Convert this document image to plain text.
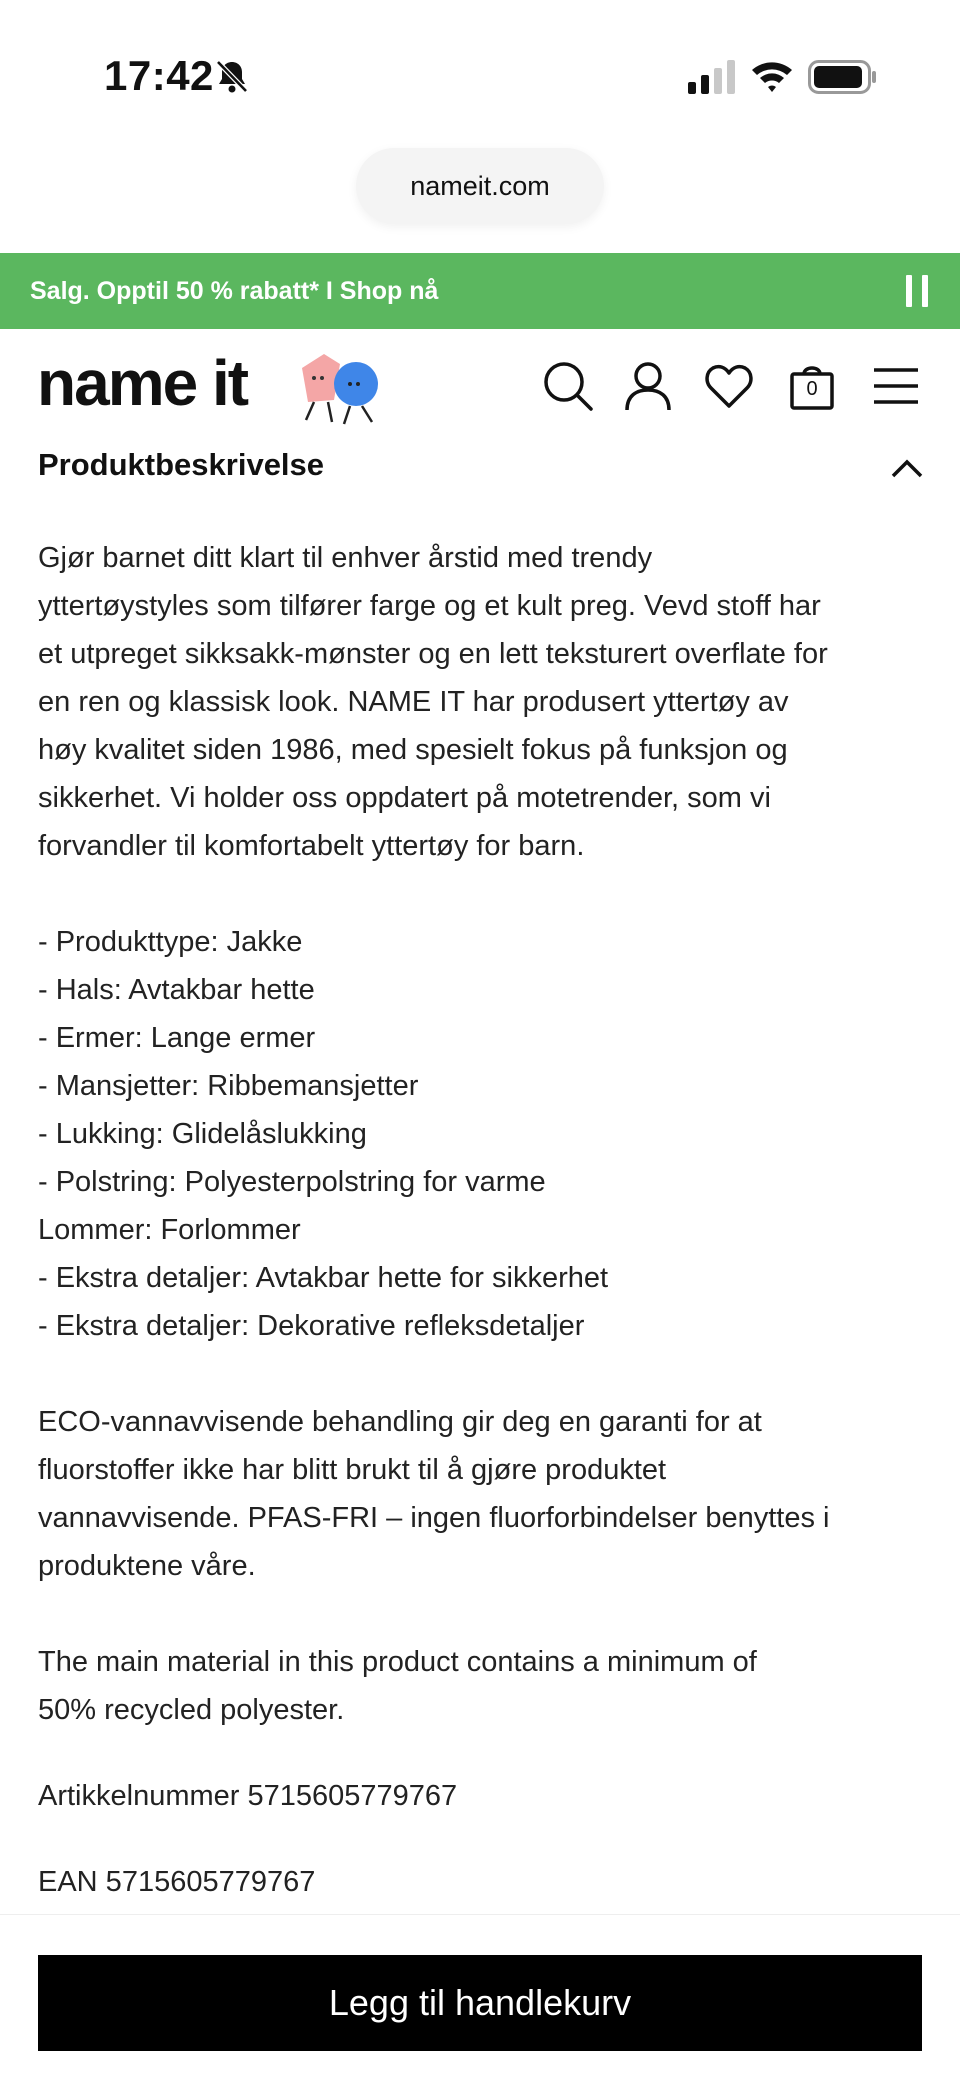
17:42
nameit.com
Salg. Opptil 50 % rabatt* I Shop nå
name it	0
Produktbeskrivelse

Gjør barnet ditt klart til enhver årstid med trendy

yttertøystyles som tilfører farge og et kult preg. Vevd stoff har

et utpreget sikksakk-mønster og en lett teksturert overflate for

en ren og klassisk look. NAME IT har produsert yttertøy av

høy kvalitet siden 1986, med spesielt fokus på funksjon og

sikkerhet. Vi holder oss oppdatert på motetrender, som vi

forvandler til komfortabelt yttertøy for barn.

- Produkttype: Jakke

- Hals: Avtakbar hette

- Ermer: Lange ermer

- Mansjetter: Ribbemansjetter

- Lukking: Glidelåslukking

- Polstring: Polyesterpolstring for varme

Lommer: Forlommer

- Ekstra detaljer: Avtakbar hette for sikkerhet

- Ekstra detaljer: Dekorative refleksdetaljer

ECO-vannavvisende behandling gir deg en garanti for at

fluorstoffer ikke har blitt brukt til å gjøre produktet

vannavvisende. PFAS-FRI – ingen fluorforbindelser benyttes i

produktene våre.

The main material in this product contains a minimum of

50% recycled polyester.

Artikkelnummer 5715605779767

EAN 5715605779767

Legg til handlekurv
